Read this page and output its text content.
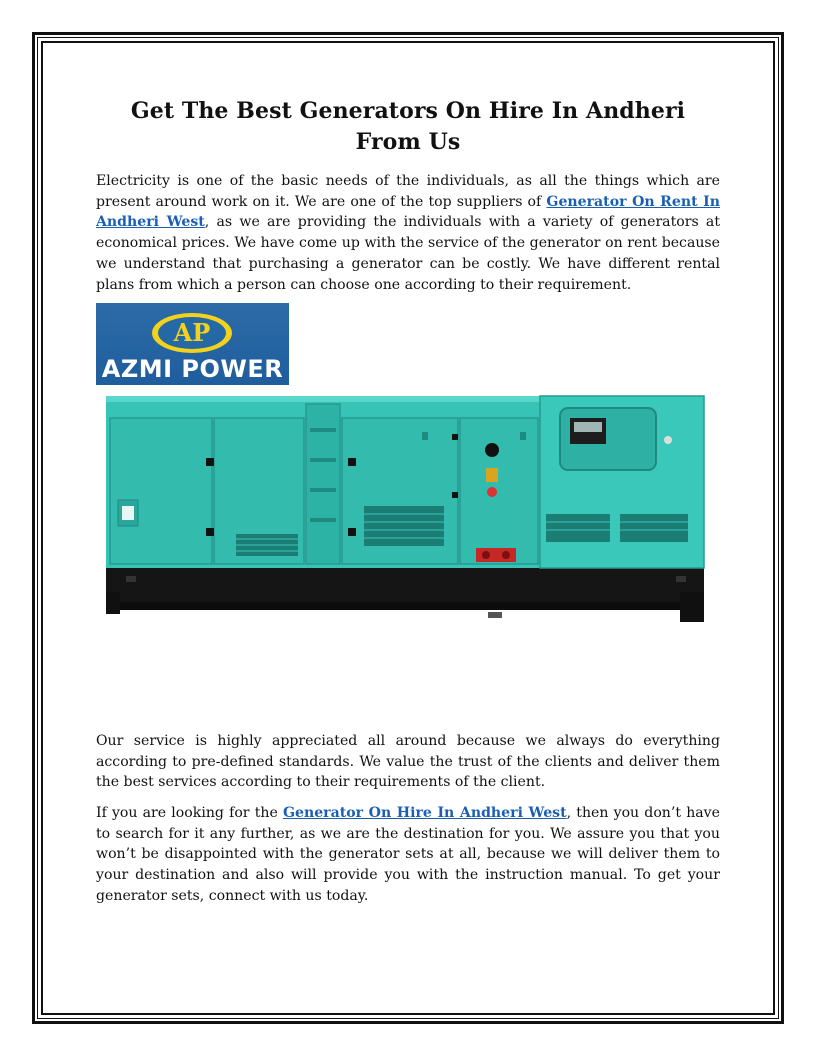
Get The Best Generators On Hire In Andheri From Us

Electricity is one of the basic needs of the individuals, as all the things which are present around work on it. We are one of the top suppliers of Generator On Rent In Andheri West, as we are providing the individuals with a variety of generators at economical prices. We have come up with the service of the generator on rent because we understand that purchasing a generator can be costly. We have different rental plans from which a person can choose one according to their requirement.

AP
AZMI POWER

Our service is highly appreciated all around because we always do everything according to pre-defined standards. We value the trust of the clients and deliver them the best services according to their requirements of the client.

If you are looking for the Generator On Hire In Andheri West, then you don’t have to search for it any further, as we are the destination for you. We assure you that you won’t be disappointed with the generator sets at all, because we will deliver them to your destination and also will provide you with the instruction manual. To get your generator sets, connect with us today.
